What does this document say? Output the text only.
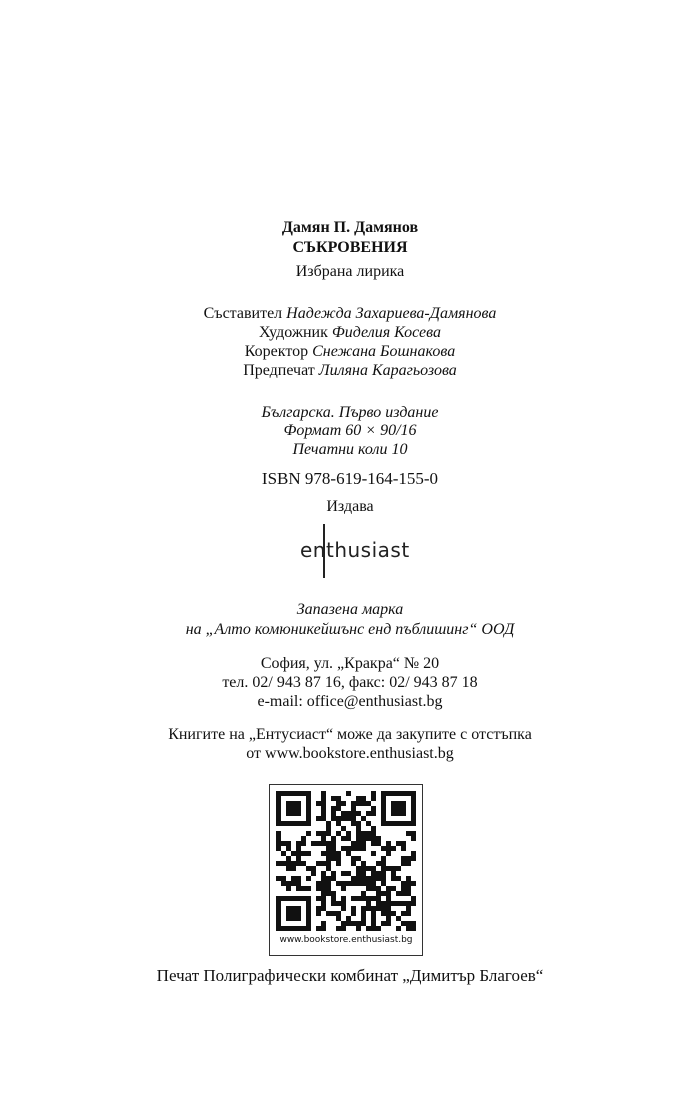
Дамян П. Дамянов
СЪКРОВЕНИЯ
Избрана лирика
Съставител Надежда Захариева-Дамянова
Художник Фиделия Косева
Коректор Снежана Бошнакова
Предпечат Лиляна Карагьозова
Българска. Първо издание
Формат 60 × 90/16
Печатни коли 10
ISBN 978-619-164-155-0
Издава
enthusiast
Запазена марка
на „Алто комюникейшънс енд пъблишинг“ ООД
София, ул. „Кракра“ № 20
тел. 02/ 943 87 16, факс: 02/ 943 87 18
e-mail: office@enthusiast.bg
Книгите на „Ентусиаст“ може да закупите с отстъпка
от www.bookstore.enthusiast.bg
www.bookstore.enthusiast.bg
Печат Полиграфически комбинат „Димитър Благоев“
